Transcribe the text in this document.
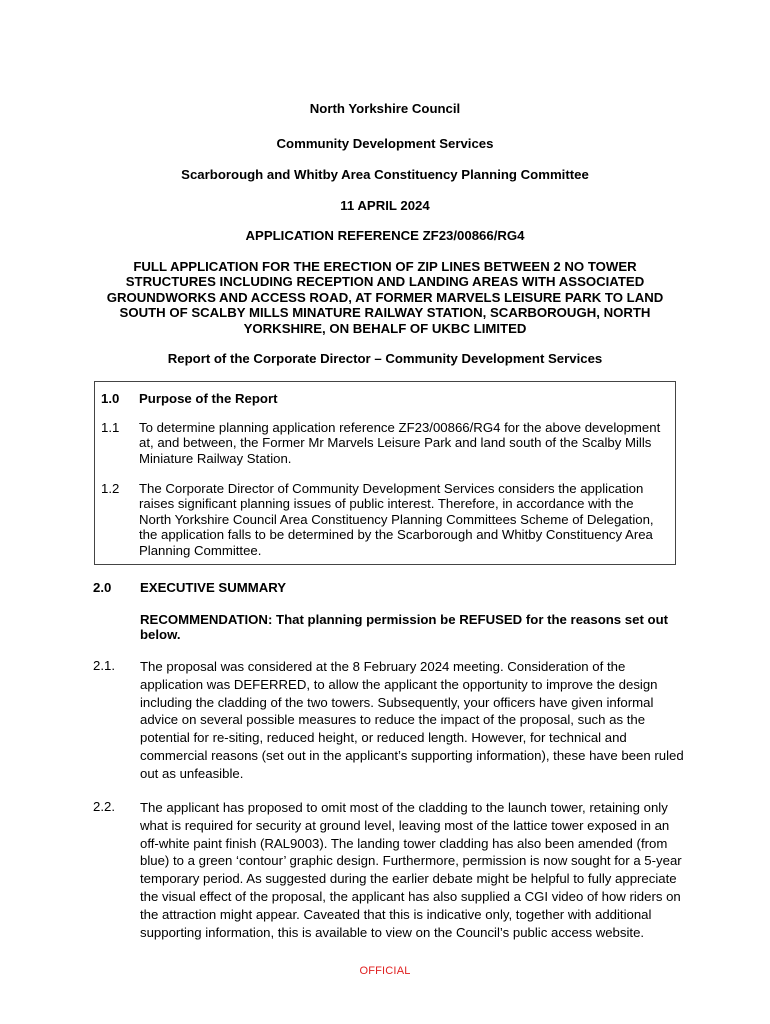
North Yorkshire Council
Community Development Services
Scarborough and Whitby Area Constituency Planning Committee
11 APRIL 2024
APPLICATION REFERENCE ZF23/00866/RG4
FULL APPLICATION FOR THE ERECTION OF ZIP LINES BETWEEN 2 NO TOWER STRUCTURES INCLUDING RECEPTION AND LANDING AREAS WITH ASSOCIATED GROUNDWORKS AND ACCESS ROAD, AT FORMER MARVELS LEISURE PARK TO LAND SOUTH OF SCALBY MILLS MINATURE RAILWAY STATION, SCARBOROUGH, NORTH YORKSHIRE, ON BEHALF OF UKBC LIMITED
Report of the Corporate Director – Community Development Services
1.0 Purpose of the Report
1.1 To determine planning application reference ZF23/00866/RG4 for the above development at, and between, the Former Mr Marvels Leisure Park and land south of the Scalby Mills Miniature Railway Station.
1.2 The Corporate Director of Community Development Services considers the application raises significant planning issues of public interest. Therefore, in accordance with the North Yorkshire Council Area Constituency Planning Committees Scheme of Delegation, the application falls to be determined by the Scarborough and Whitby Constituency Area Planning Committee.
2.0 EXECUTIVE SUMMARY
RECOMMENDATION: That planning permission be REFUSED for the reasons set out below.
2.1. The proposal was considered at the 8 February 2024 meeting. Consideration of the application was DEFERRED, to allow the applicant the opportunity to improve the design including the cladding of the two towers. Subsequently, your officers have given informal advice on several possible measures to reduce the impact of the proposal, such as the potential for re-siting, reduced height, or reduced length. However, for technical and commercial reasons (set out in the applicant’s supporting information), these have been ruled out as unfeasible.
2.2. The applicant has proposed to omit most of the cladding to the launch tower, retaining only what is required for security at ground level, leaving most of the lattice tower exposed in an off-white paint finish (RAL9003). The landing tower cladding has also been amended (from blue) to a green ‘contour’ graphic design. Furthermore, permission is now sought for a 5-year temporary period. As suggested during the earlier debate might be helpful to fully appreciate the visual effect of the proposal, the applicant has also supplied a CGI video of how riders on the attraction might appear. Caveated that this is indicative only, together with additional supporting information, this is available to view on the Council’s public access website.
OFFICIAL
